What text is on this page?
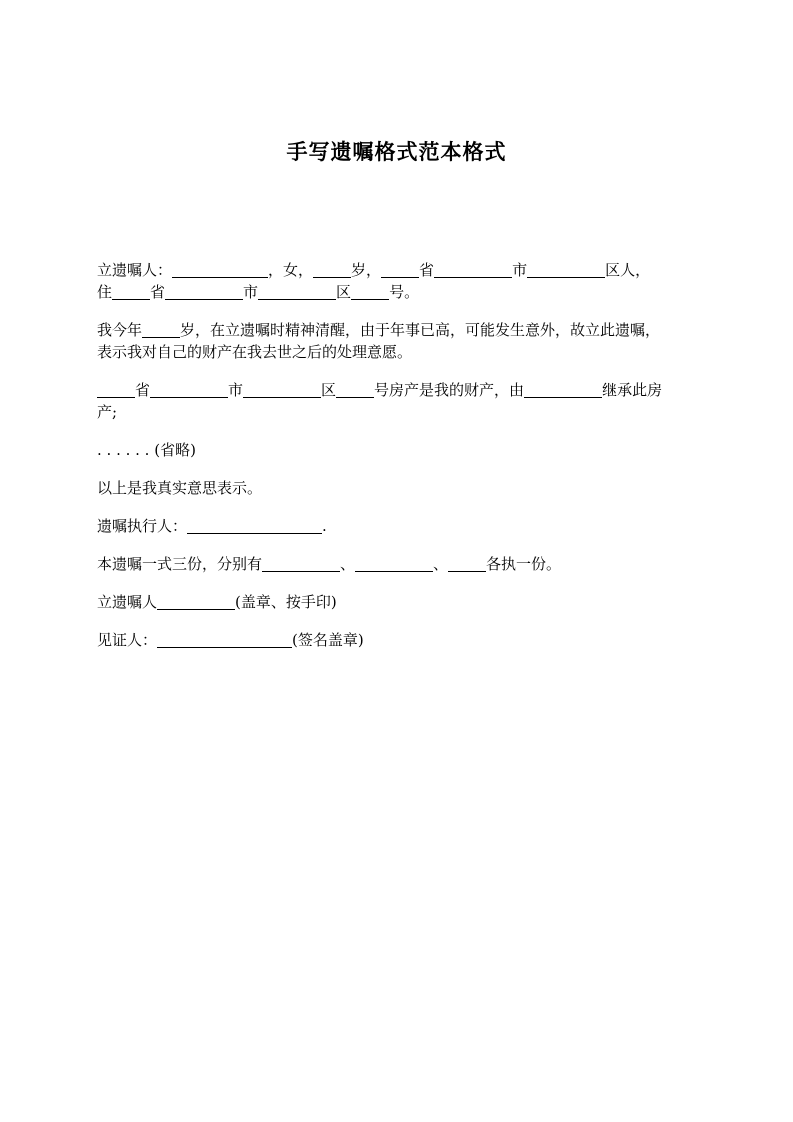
手写遗嘱格式范本格式
立遗嘱人：	，女，	岁，	省	市	区人，
住	省	市	区	号。
我今年	岁，在立遗嘱时精神清醒，由于年事已高，可能发生意外，故立此遗嘱，
表示我对自己的财产在我去世之后的处理意愿。
省	市	区	号房产是我的财产，由	继承此房
产;
. . . . . . (省略)
以上是我真实意思表示。
遗嘱执行人：	.
本遗嘱一式三份，分别有	、	、	各执一份。
立遗嘱人	(盖章、按手印)
见证人：	(签名盖章)
